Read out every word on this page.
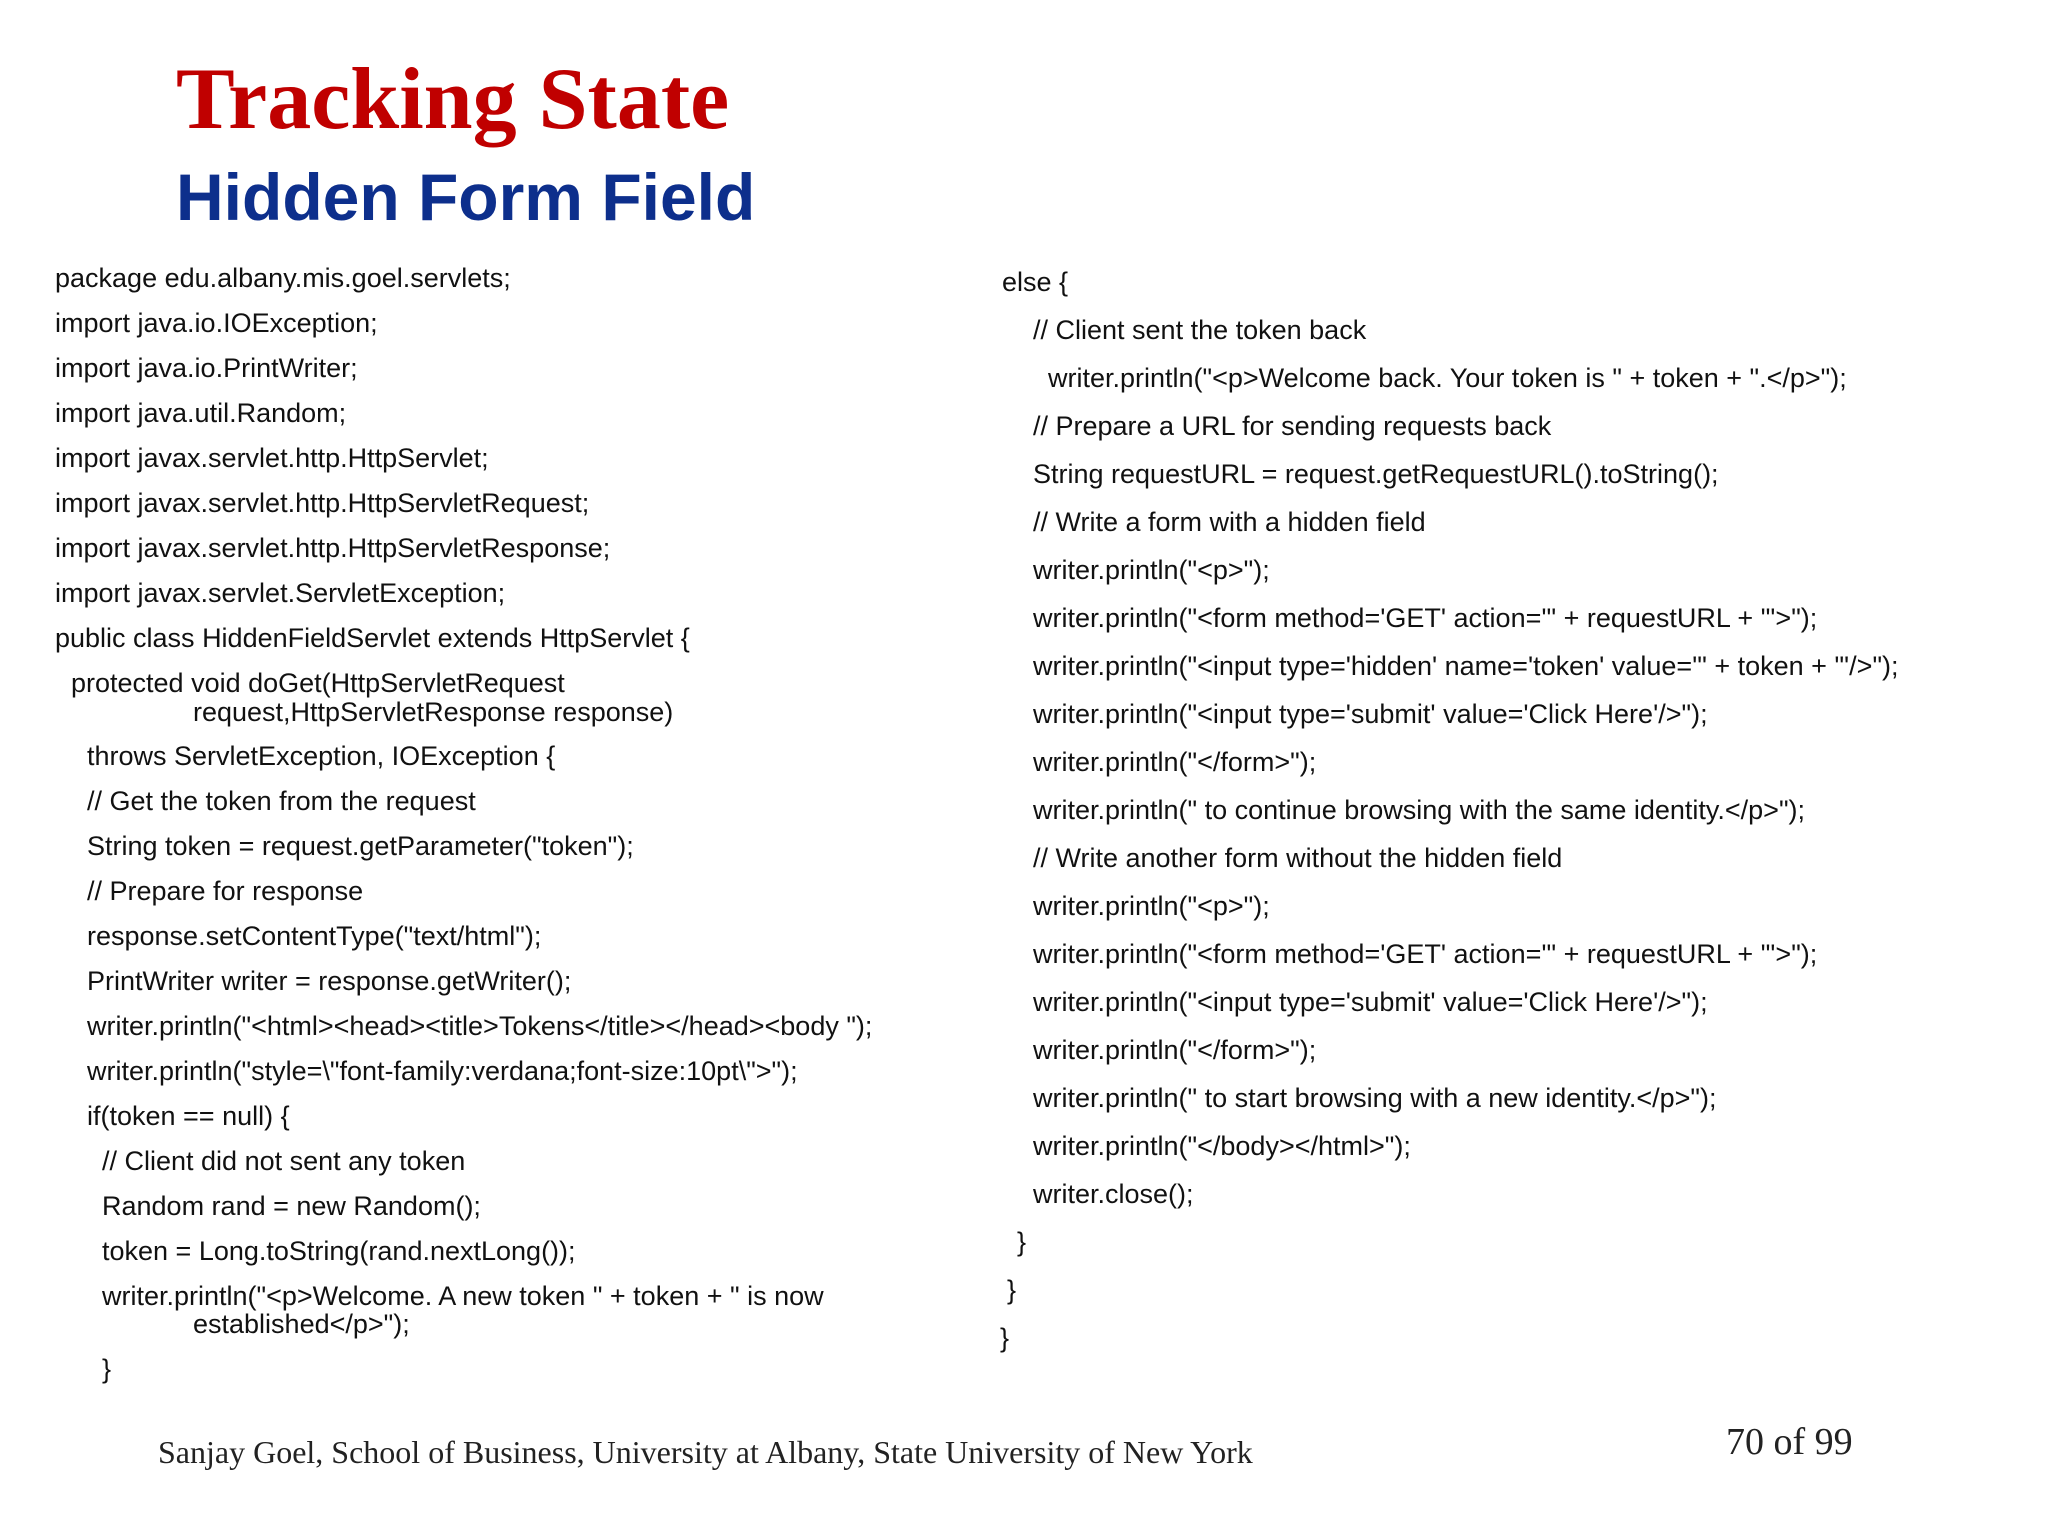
Tracking State
Hidden Form Field
package edu.albany.mis.goel.servlets;
import java.io.IOException;
import java.io.PrintWriter;
import java.util.Random;
import javax.servlet.http.HttpServlet;
import javax.servlet.http.HttpServletRequest;
import javax.servlet.http.HttpServletResponse;
import javax.servlet.ServletException;
public class HiddenFieldServlet extends HttpServlet {
protected void doGet(HttpServletRequest
request,HttpServletResponse response)
throws ServletException, IOException {
// Get the token from the request
String token = request.getParameter("token");
// Prepare for response
response.setContentType("text/html");
PrintWriter writer = response.getWriter();
writer.println("<html><head><title>Tokens</title></head><body ");
writer.println("style=\"font-family:verdana;font-size:10pt\">");
if(token == null) {
// Client did not sent any token
Random rand = new Random();
token = Long.toString(rand.nextLong());
writer.println("<p>Welcome. A new token " + token + " is now
established</p>");
}
else {
// Client sent the token back
writer.println("<p>Welcome back. Your token is " + token + ".</p>");
// Prepare a URL for sending requests back
String requestURL = request.getRequestURL().toString();
// Write a form with a hidden field
writer.println("<p>");
writer.println("<form method='GET' action='" + requestURL + "'>");
writer.println("<input type='hidden' name='token' value='" + token + "'/>");
writer.println("<input type='submit' value='Click Here'/>");
writer.println("</form>");
writer.println(" to continue browsing with the same identity.</p>");
// Write another form without the hidden field
writer.println("<p>");
writer.println("<form method='GET' action='" + requestURL + "'>");
writer.println("<input type='submit' value='Click Here'/>");
writer.println("</form>");
writer.println(" to start browsing with a new identity.</p>");
writer.println("</body></html>");
writer.close();
}
}
}
Sanjay Goel, School of Business, University at Albany, State University of New York	70 of 99
